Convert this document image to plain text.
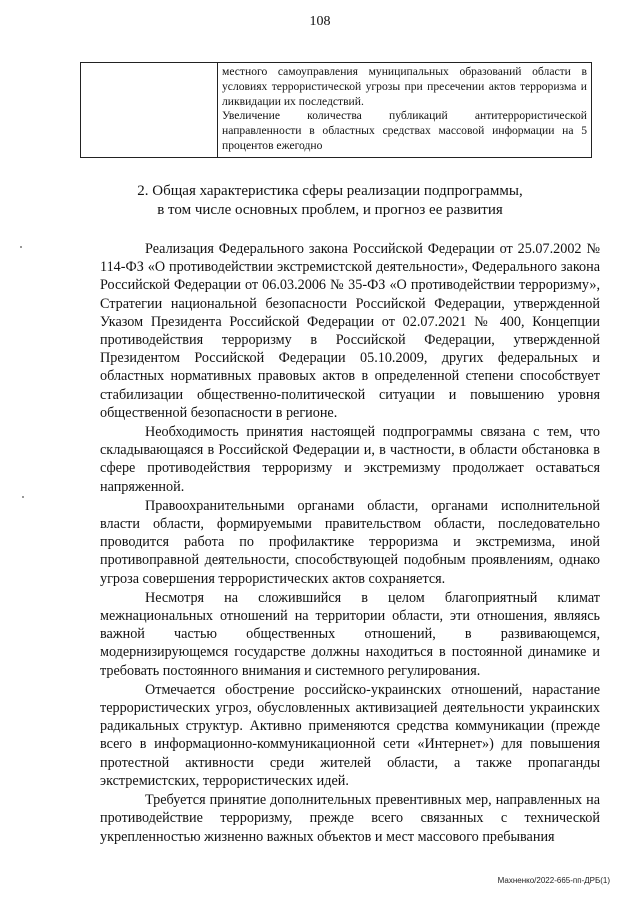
108

местного самоуправления муниципальных образований области в условиях террористической угрозы при пресечении актов терроризма и ликвидации их последствий.

Увеличение количества публикаций антитеррористической направленности в областных средствах массовой информации на 5 процентов ежегодно

2. Общая характеристика сферы реализации подпрограммы,
в том числе основных проблем, и прогноз ее развития

Реализация Федерального закона Российской Федерации от 25.07.2002 № 114-ФЗ «О противодействии экстремистской деятельности», Федерального закона Российской Федерации от 06.03.2006 № 35-ФЗ «О противодействии терроризму», Стратегии национальной безопасности Российской Федерации, утвержденной Указом Президента Российской Федерации от 02.07.2021 № 400, Концепции противодействия терроризму в Российской Федерации, утвержденной Президентом Российской Федерации 05.10.2009, других федеральных и областных нормативных правовых актов в определенной степени способствует стабилизации общественно-политической ситуации и повышению уровня общественной безопасности в регионе.

Необходимость принятия настоящей подпрограммы связана с тем, что складывающаяся в Российской Федерации и, в частности, в области обстановка в сфере противодействия терроризму и экстремизму продолжает оставаться напряженной.

Правоохранительными органами области, органами исполнительной власти области, формируемыми правительством области, последовательно проводится работа по профилактике терроризма и экстремизма, иной противоправной деятельности, способствующей подобным проявлениям, однако угроза совершения террористических актов сохраняется.

Несмотря на сложившийся в целом благоприятный климат межнациональных отношений на территории области, эти отношения, являясь важной частью общественных отношений, в развивающемся, модернизирующемся государстве должны находиться в постоянной динамике и требовать постоянного внимания и системного регулирования.

Отмечается обострение российско-украинских отношений, нарастание террористических угроз, обусловленных активизацией деятельности украинских радикальных структур. Активно применяются средства коммуникации (прежде всего в информационно-коммуникационной сети «Интернет») для повышения протестной активности среди жителей области, а также пропаганды экстремистских, террористических идей.

Требуется принятие дополнительных превентивных мер, направленных на противодействие терроризму, прежде всего связанных с технической укрепленностью жизненно важных объектов и мест массового пребывания

Махненко/2022-665-пп-ДРБ(1)
